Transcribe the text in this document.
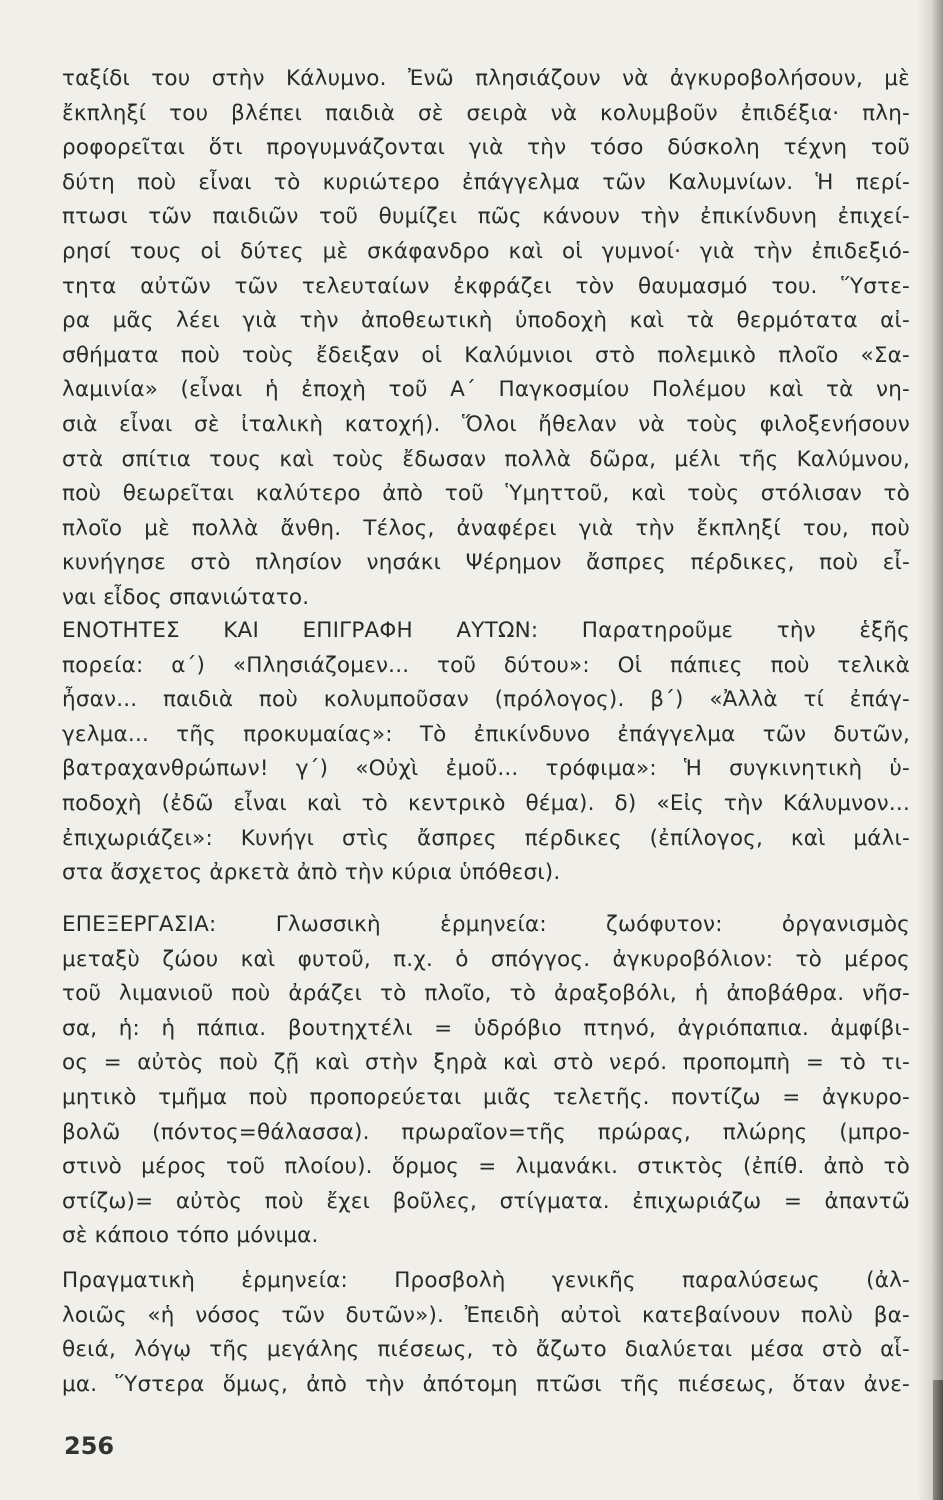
ταξίδι του στὴν Κάλυμνο. Ἐνῶ πλησιάζουν νὰ ἀγκυροβολήσουν, μὲ
ἔκπληξί του βλέπει παιδιὰ σὲ σειρὰ νὰ κολυμβοῦν ἐπιδέξια· πλη-
ροφορεῖται ὅτι προγυμνάζονται γιὰ τὴν τόσο δύσκολη τέχνη τοῦ
δύτη ποὺ εἶναι τὸ κυριώτερο ἐπάγγελμα τῶν Καλυμνίων. Ἡ περί-
πτωσι τῶν παιδιῶν τοῦ θυμίζει πῶς κάνουν τὴν ἐπικίνδυνη ἐπιχεί-
ρησί τους οἱ δύτες μὲ σκάφανδρο καὶ οἱ γυμνοί· γιὰ τὴν ἐπιδεξιό-
τητα αὐτῶν τῶν τελευταίων ἐκφράζει τὸν θαυμασμό του. Ὕστε-
ρα μᾶς λέει γιὰ τὴν ἀποθεωτικὴ ὑποδοχὴ καὶ τὰ θερμότατα αἰ-
σθήματα ποὺ τοὺς ἔδειξαν οἱ Καλύμνιοι στὸ πολεμικὸ πλοῖο «Σα-
λαμινία» (εἶναι ἡ ἐποχὴ τοῦ Α΄ Παγκοσμίου Πολέμου καὶ τὰ νη-
σιὰ εἶναι σὲ ἰταλικὴ κατοχή). Ὅλοι ἤθελαν νὰ τοὺς φιλοξενήσουν
στὰ σπίτια τους καὶ τοὺς ἔδωσαν πολλὰ δῶρα, μέλι τῆς Καλύμνου,
ποὺ θεωρεῖται καλύτερο ἀπὸ τοῦ Ὑμηττοῦ, καὶ τοὺς στόλισαν τὸ
πλοῖο μὲ πολλὰ ἄνθη. Τέλος, ἀναφέρει γιὰ τὴν ἔκπληξί του, ποὺ
κυνήγησε στὸ πλησίον νησάκι Ψέρημον ἄσπρες πέρδικες, ποὺ εἶ-
ναι εἶδος σπανιώτατο.
ΕΝΟΤΗΤΕΣ ΚΑΙ ΕΠΙΓΡΑΦΗ ΑΥΤΩΝ: Παρατηροῦμε τὴν ἑξῆς
πορεία: α΄) «Πλησιάζομεν... τοῦ δύτου»: Οἱ πάπιες ποὺ τελικὰ
ἦσαν... παιδιὰ ποὺ κολυμποῦσαν (πρόλογος). β΄) «Ἀλλὰ τί ἐπάγ-
γελμα... τῆς προκυμαίας»: Τὸ ἐπικίνδυνο ἐπάγγελμα τῶν δυτῶν,
βατραχανθρώπων! γ΄) «Οὐχὶ ἐμοῦ... τρόφιμα»: Ἡ συγκινητικὴ ὑ-
ποδοχὴ (ἐδῶ εἶναι καὶ τὸ κεντρικὸ θέμα). δ) «Εἰς τὴν Κάλυμνον...
ἐπιχωριάζει»: Κυνήγι στὶς ἄσπρες πέρδικες (ἐπίλογος, καὶ μάλι-
στα ἄσχετος ἀρκετὰ ἀπὸ τὴν κύρια ὑπόθεσι).
ΕΠΕΞΕΡΓΑΣΙΑ: Γλωσσικὴ ἑρμηνεία: ζωόφυτον: ὀργανισμὸς
μεταξὺ ζώου καὶ φυτοῦ, π.χ. ὁ σπόγγος. ἀγκυροβόλιον: τὸ μέρος
τοῦ λιμανιοῦ ποὺ ἀράζει τὸ πλοῖο, τὸ ἀραξοβόλι, ἡ ἀποβάθρα. νῆσ-
σα, ἡ: ἡ πάπια. βουτηχτέλι = ὑδρόβιο πτηνό, ἀγριόπαπια. ἀμφίβι-
ος = αὐτὸς ποὺ ζῇ καὶ στὴν ξηρὰ καὶ στὸ νερό. προπομπὴ = τὸ τι-
μητικὸ τμῆμα ποὺ προπορεύεται μιᾶς τελετῆς. ποντίζω = ἀγκυρο-
βολῶ (πόντος=θάλασσα). πρωραῖον=τῆς πρώρας, πλώρης (μπρο-
στινὸ μέρος τοῦ πλοίου). ὅρμος = λιμανάκι. στικτὸς (ἐπίθ. ἀπὸ τὸ
στίζω)= αὐτὸς ποὺ ἔχει βοῦλες, στίγματα. ἐπιχωριάζω = ἀπαντῶ
σὲ κάποιο τόπο μόνιμα.
Πραγματικὴ ἑρμηνεία: Προσβολὴ γενικῆς παραλύσεως (ἀλ-
λοιῶς «ἡ νόσος τῶν δυτῶν»). Ἐπειδὴ αὐτοὶ κατεβαίνουν πολὺ βα-
θειά, λόγῳ τῆς μεγάλης πιέσεως, τὸ ἄζωτο διαλύεται μέσα στὸ αἷ-
μα. Ὕστερα ὅμως, ἀπὸ τὴν ἀπότομη πτῶσι τῆς πιέσεως, ὅταν ἀνε-
256
